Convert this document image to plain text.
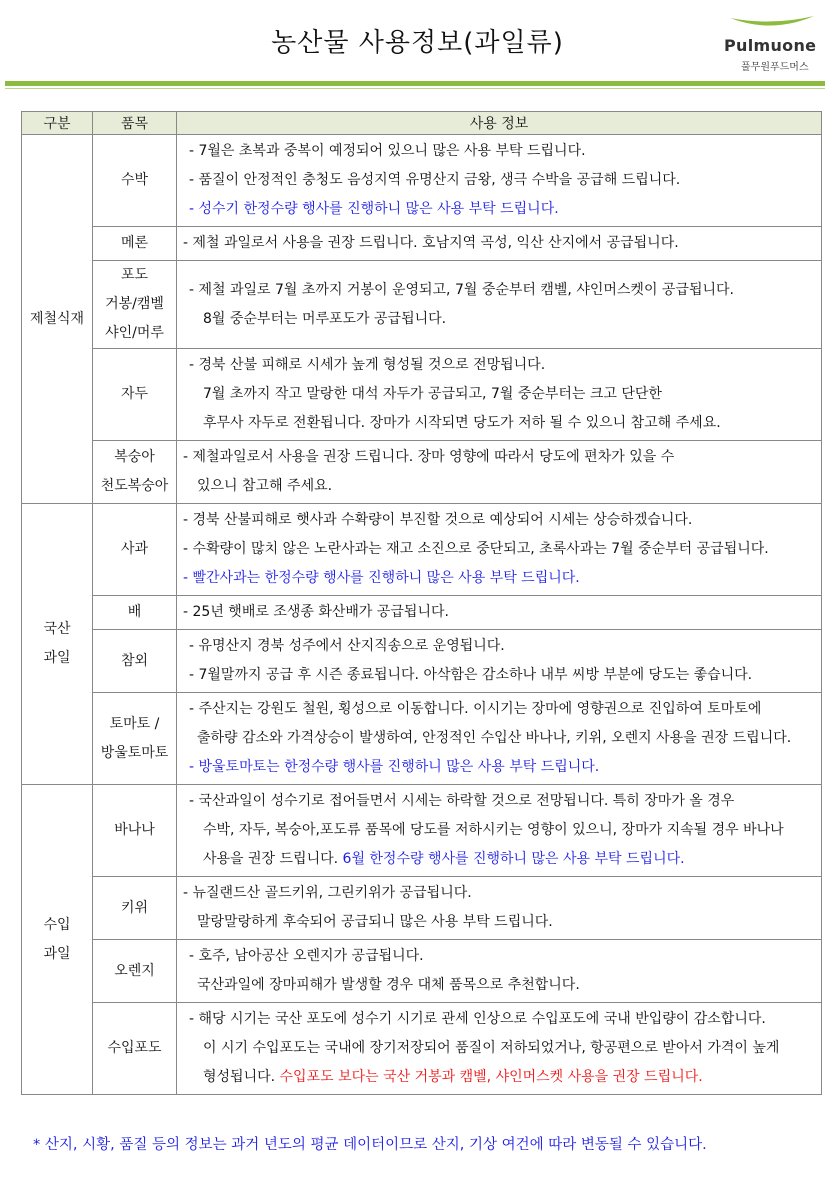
농산물 사용정보(과일류)	Pulmuone
풀무원푸드머스
구분	품목	사용 정보
제철식재	수박	- 7월은 초복과 중복이 예정되어 있으니 많은 사용 부탁 드립니다.
- 품질이 안정적인 충청도 음성지역 유명산지 금왕, 생극 수박을 공급해 드립니다.
- 성수기 한정수량 행사를 진행하니 많은 사용 부탁 드립니다.

	메론	- 제철 과일로서 사용을 권장 드립니다. 호남지역 곡성, 익산 산지에서 공급됩니다.

	포도
거봉/캠벨
샤인/머루	- 제철 과일로 7월 초까지 거봉이 운영되고, 7월 중순부터 캠벨, 샤인머스켓이 공급됩니다.
8월 중순부터는 머루포도가 공급됩니다.

	자두	- 경북 산불 피해로 시세가 높게 형성될 것으로 전망됩니다.
7월 초까지 작고 말랑한 대석 자두가 공급되고, 7월 중순부터는 크고 단단한
후무사 자두로 전환됩니다. 장마가 시작되면 당도가 저하 될 수 있으니 참고해 주세요.

	복숭아
천도복숭아	- 제철과일로서 사용을 권장 드립니다. 장마 영향에 따라서 당도에 편차가 있을 수
있으니 참고해 주세요.

국산
과일	사과	- 경북 산불피해로 햇사과 수확량이 부진할 것으로 예상되어 시세는 상승하겠습니다.
- 수확량이 많치 않은 노란사과는 재고 소진으로 중단되고, 초록사과는 7월 중순부터 공급됩니다.
- 빨간사과는 한정수량 행사를 진행하니 많은 사용 부탁 드립니다.

	배	- 25년 햇배로 조생종 화산배가 공급됩니다.

	참외	- 유명산지 경북 성주에서 산지직송으로 운영됩니다.
- 7월말까지 공급 후 시즌 종료됩니다. 아삭함은 감소하나 내부 씨방 부분에 당도는 좋습니다.

	토마토 /
방울토마토	- 주산지는 강원도 철원, 횡성으로 이동합니다. 이시기는 장마에 영향권으로 진입하여 토마토에
출하량 감소와 가격상승이 발생하여, 안정적인 수입산 바나나, 키위, 오렌지 사용을 권장 드립니다.
- 방울토마토는 한정수량 행사를 진행하니 많은 사용 부탁 드립니다.

수입
과일	바나나	- 국산과일이 성수기로 접어들면서 시세는 하락할 것으로 전망됩니다. 특히 장마가 올 경우
수박, 자두, 복숭아,포도류 품목에 당도를 저하시키는 영향이 있으니, 장마가 지속될 경우 바나나
사용을 권장 드립니다. 6월 한정수량 행사를 진행하니 많은 사용 부탁 드립니다.

	키위	- 뉴질랜드산 골드키위, 그린키위가 공급됩니다.
말랑말랑하게 후숙되어 공급되니 많은 사용 부탁 드립니다.

	오렌지	- 호주, 남아공산 오렌지가 공급됩니다.
국산과일에 장마피해가 발생할 경우 대체 품목으로 추천합니다.

	수입포도	- 해당 시기는 국산 포도에 성수기 시기로 관세 인상으로 수입포도에 국내 반입량이 감소합니다.
이 시기 수입포도는 국내에 장기저장되어 품질이 저하되었거나, 항공편으로 받아서 가격이 높게
형성됩니다. 수입포도 보다는 국산 거봉과 캠벨, 샤인머스켓 사용을 권장 드립니다.
* 산지, 시황, 품질 등의 정보는 과거 년도의 평균 데이터이므로 산지, 기상 여건에 따라 변동될 수 있습니다.
